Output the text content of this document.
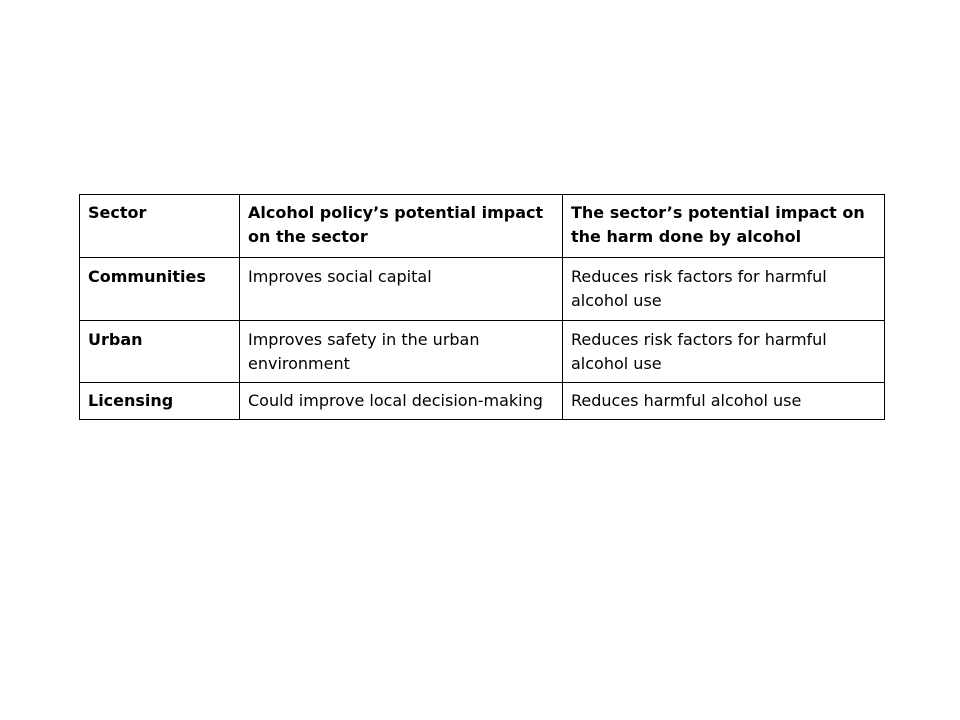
Sector	Alcohol policy’s potential impact on the sector	The sector’s potential impact on the harm done by alcohol
Communities	Improves social capital	Reduces risk factors for harmful alcohol use
Urban	Improves safety in the urban environment	Reduces risk factors for harmful alcohol use
Licensing	Could improve local decision-making	Reduces harmful alcohol use
